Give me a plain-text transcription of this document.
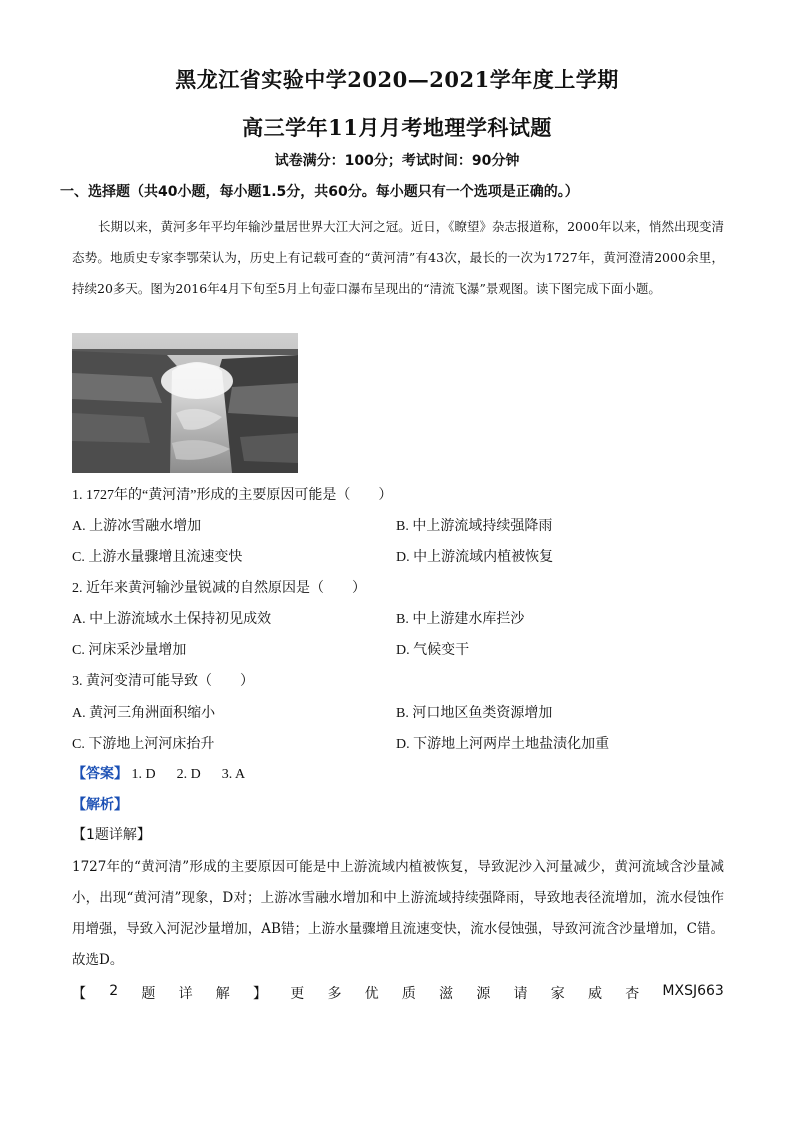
黑龙江省实验中学2020—2021学年度上学期
高三学年11月月考地理学科试题
试卷满分：100分；考试时间：90分钟
一、选择题（共40小题，每小题1.5分，共60分。每小题只有一个选项是正确的。）
长期以来，黄河多年平均年输沙量居世界大江大河之冠。近日，《瞭望》杂志报道称，2000年以来，悄然出现变清态势。地质史专家李鄂荣认为，历史上有记载可查的“黄河清”有43次，最长的一次为1727年，黄河澄清2000余里，持续20多天。图为2016年4月下旬至5月上旬壶口瀑布呈现出的“清流飞瀑”景观图。读下图完成下面小题。
1. 1727年的“黄河清”形成的主要原因可能是（　　）
A. 上游冰雪融水增加	B. 中上游流域持续强降雨
C. 上游水量骤增且流速变快	D. 中上游流域内植被恢复
2. 近年来黄河输沙量锐减的自然原因是（　　）
A. 中上游流域水土保持初见成效	B. 中上游建水库拦沙
C. 河床采沙量增加	D. 气候变干
3. 黄河变清可能导致（　　）
A. 黄河三角洲面积缩小	B. 河口地区鱼类资源增加
C. 下游地上河河床抬升	D. 下游地上河两岸土地盐渍化加重
【答案】 1. D      2. D      3. A
【解析】
【1题详解】
1727年的“黄河清”形成的主要原因可能是中上游流域内植被恢复，导致泥沙入河量减少，黄河流域含沙量减小，出现“黄河清”现象，D对；上游冰雪融水增加和中上游流域持续强降雨，导致地表径流增加，流水侵蚀作用增强，导致入河泥沙量增加，AB错；上游水量骤增且流速变快，流水侵蚀强，导致河流含沙量增加，C错。故选D。
【 2 题 详 解 】 更 多 优 质 滋 源 请 家 威 杏 MXSJ663
